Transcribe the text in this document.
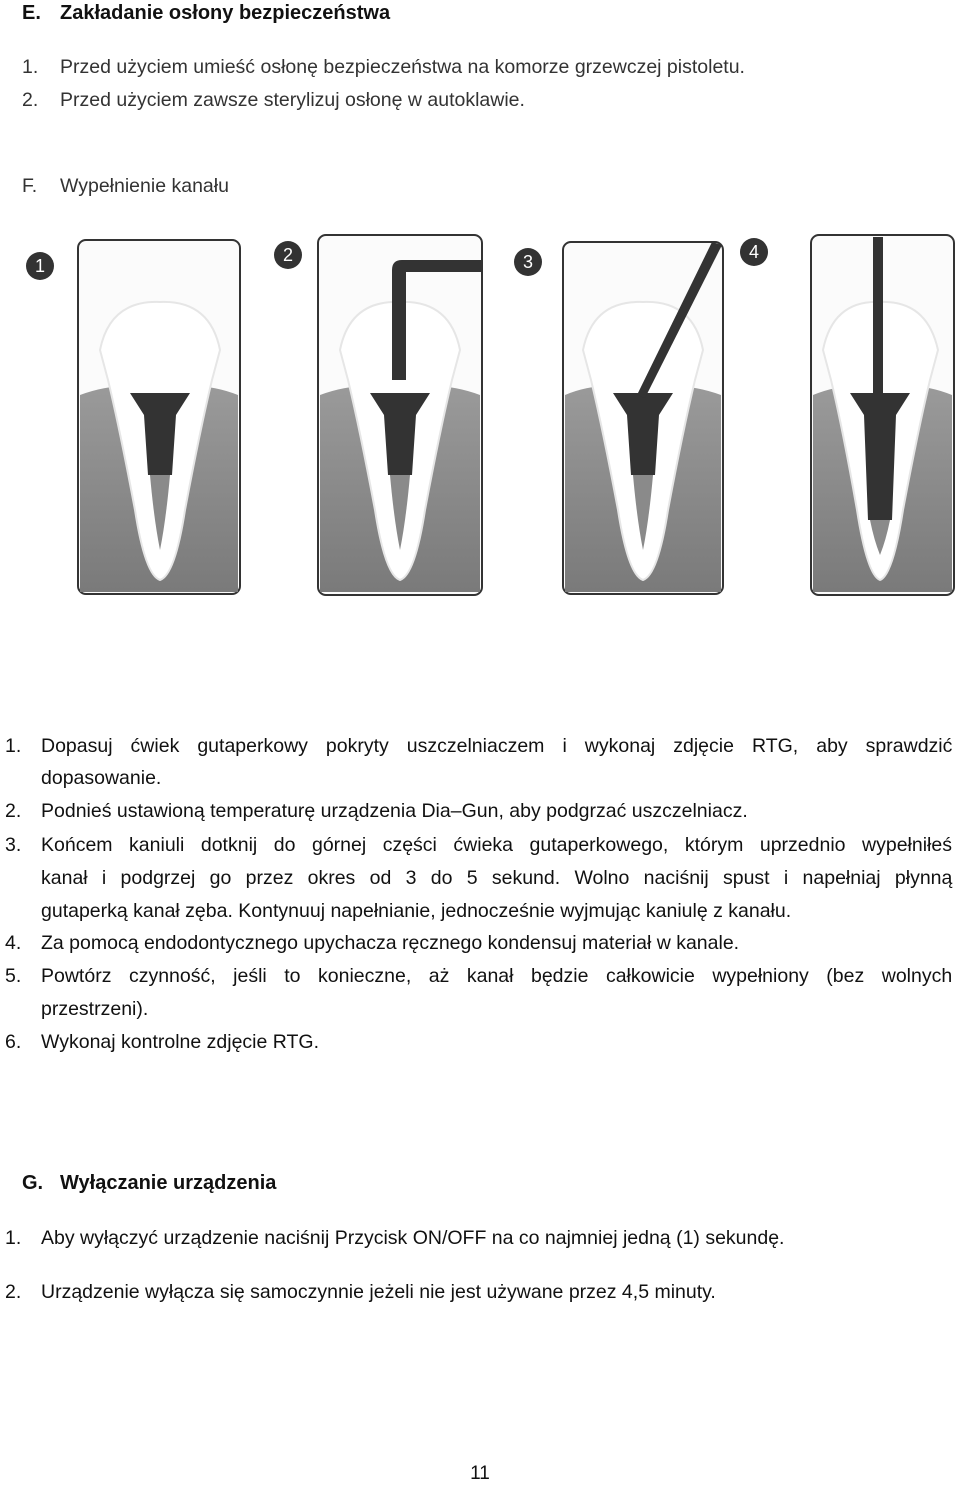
E. Zakładanie osłony bezpieczeństwa
1. Przed użyciem umieść osłonę bezpieczeństwa na komorze grzewczej pistoletu.
2. Przed użyciem zawsze sterylizuj osłonę w autoklawie.
F. Wypełnienie kanału
1
2	3	4
1. Dopasuj ćwiek gutaperkowy pokryty uszczelniaczem i wykonaj zdjęcie RTG, aby sprawdzić
dopasowanie.
2. Podnieś ustawioną temperaturę urządzenia Dia–Gun, aby podgrzać uszczelniacz.
3. Końcem kaniuli dotknij do górnej części ćwieka gutaperkowego, którym uprzednio wypełniłeś
kanał i podgrzej go przez okres od 3 do 5 sekund. Wolno naciśnij spust i napełniaj płynną
gutaperką kanał zęba. Kontynuuj napełnianie, jednocześnie wyjmując kaniulę z kanału.
4. Za pomocą endodontycznego upychacza ręcznego kondensuj materiał w kanale.
5. Powtórz czynność, jeśli to konieczne, aż kanał będzie całkowicie wypełniony (bez wolnych
przestrzeni).
6. Wykonaj kontrolne zdjęcie RTG.
G. Wyłączanie urządzenia
1. Aby wyłączyć urządzenie naciśnij Przycisk ON/OFF na co najmniej jedną (1) sekundę.
2. Urządzenie wyłącza się samoczynnie jeżeli nie jest używane przez 4,5 minuty.
11
